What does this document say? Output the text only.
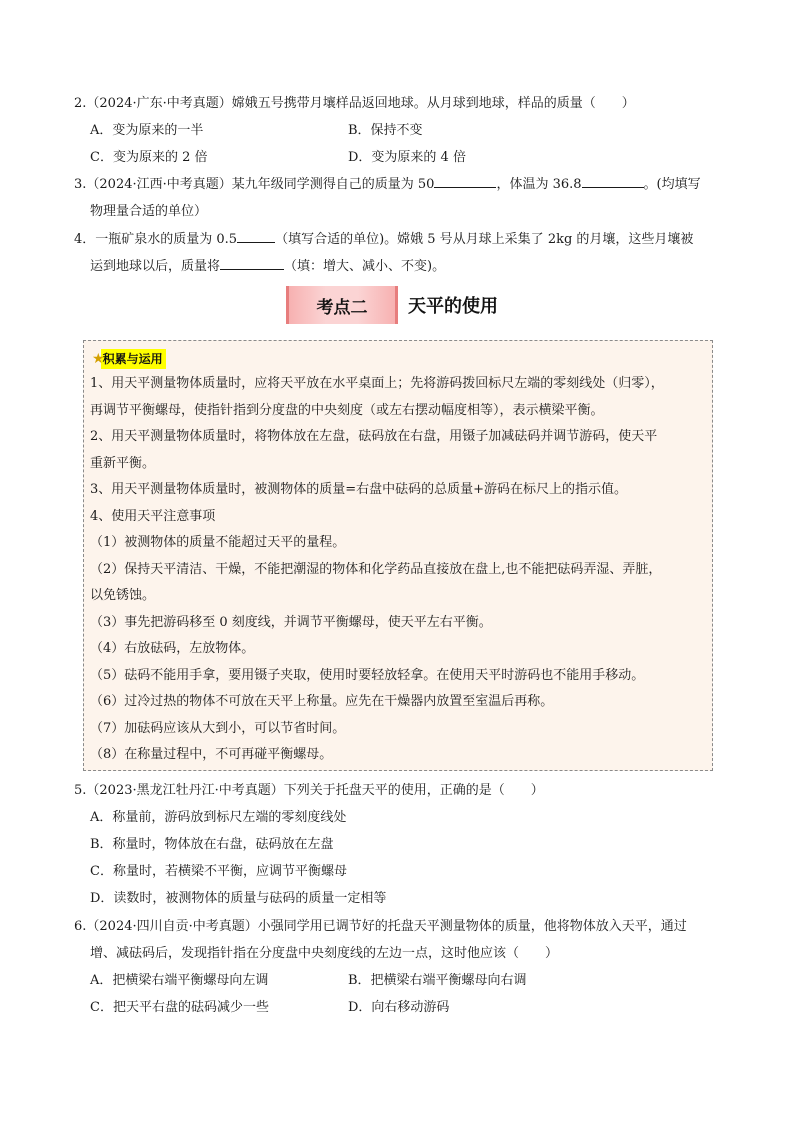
2.（2024·广东·中考真题）嫦娥五号携带月壤样品返回地球。从月球到地球，样品的质量（　　）
A．变为原来的一半	B．保持不变
C．变为原来的 2 倍	D．变为原来的 4 倍
3.（2024·江西·中考真题）某九年级同学测得自己的质量为 50	，体温为 36.8	。(均填写
物理量合适的单位）
4．一瓶矿泉水的质量为 0.5	（填写合适的单位)。嫦娥 5 号从月球上采集了 2kg 的月壤，这些月壤被
运到地球以后，质量将	（填：增大、减小、不变)。
考点二	天平的使用
★
积累与运用
1、用天平测量物体质量时，应将天平放在水平桌面上；先将游码拨回标尺左端的零刻线处（归零），
再调节平衡螺母，使指针指到分度盘的中央刻度（或左右摆动幅度相等），表示横梁平衡。
2、用天平测量物体质量时，将物体放在左盘，砝码放在右盘，用镊子加减砝码并调节游码，使天平
重新平衡。
3、用天平测量物体质量时，被测物体的质量=右盘中砝码的总质量+游码在标尺上的指示值。
4、使用天平注意事项
（1）被测物体的质量不能超过天平的量程。
（2）保持天平清洁、干燥，不能把潮湿的物体和化学药品直接放在盘上,也不能把砝码弄湿、弄脏，
以免锈蚀。
（3）事先把游码移至 0 刻度线，并调节平衡螺母，使天平左右平衡。
（4）右放砝码，左放物体。
（5）砝码不能用手拿，要用镊子夹取，使用时要轻放轻拿。在使用天平时游码也不能用手移动。
（6）过冷过热的物体不可放在天平上称量。应先在干燥器内放置至室温后再称。
（7）加砝码应该从大到小，可以节省时间。
（8）在称量过程中，不可再碰平衡螺母。
5.（2023·黑龙江牡丹江·中考真题）下列关于托盘天平的使用，正确的是（　　）
A．称量前，游码放到标尺左端的零刻度线处
B．称量时，物体放在右盘，砝码放在左盘
C．称量时，若横梁不平衡，应调节平衡螺母
D．读数时，被测物体的质量与砝码的质量一定相等
6.（2024·四川自贡·中考真题）小强同学用已调节好的托盘天平测量物体的质量，他将物体放入天平，通过
增、减砝码后，发现指针指在分度盘中央刻度线的左边一点，这时他应该（　　）
A．把横梁右端平衡螺母向左调	B．把横梁右端平衡螺母向右调
C．把天平右盘的砝码减少一些	D．向右移动游码
